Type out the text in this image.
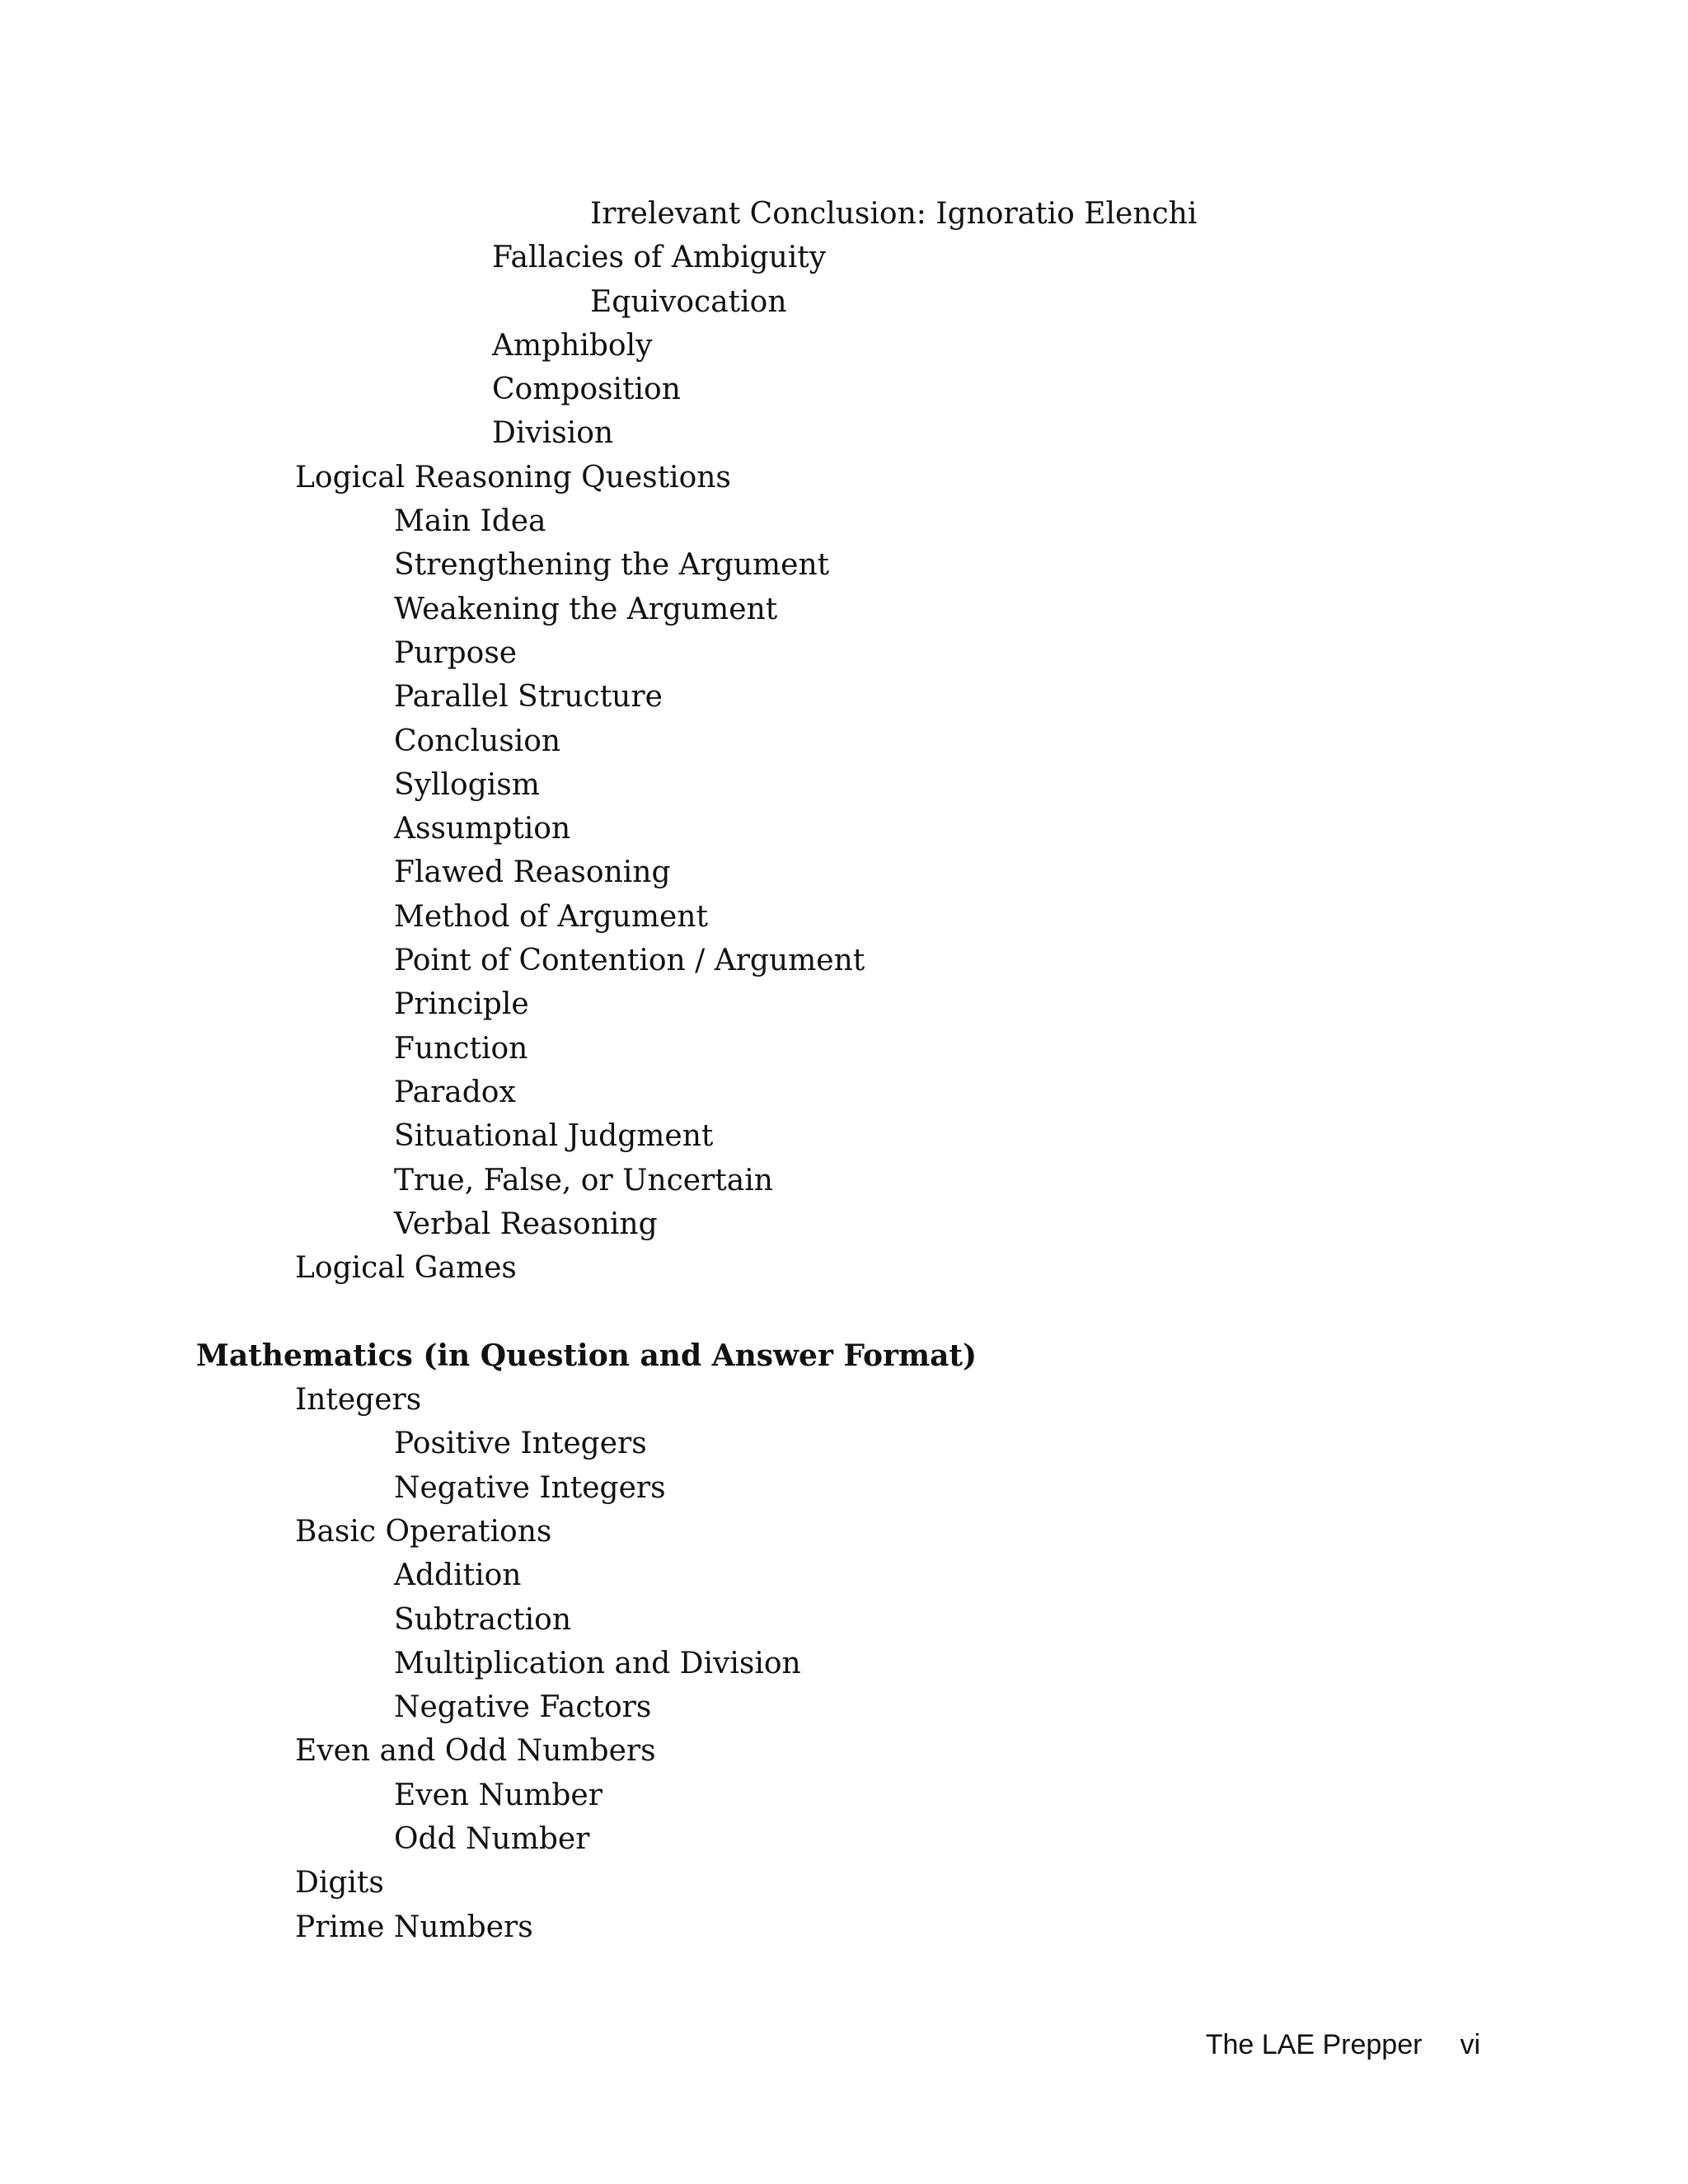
Irrelevant Conclusion: Ignoratio Elenchi
Fallacies of Ambiguity
Equivocation
Amphiboly
Composition
Division
Logical Reasoning Questions
Main Idea
Strengthening the Argument
Weakening the Argument
Purpose
Parallel Structure
Conclusion
Syllogism
Assumption
Flawed Reasoning
Method of Argument
Point of Contention / Argument
Principle
Function
Paradox
Situational Judgment
True, False, or Uncertain
Verbal Reasoning
Logical Games
Mathematics (in Question and Answer Format)
Integers
Positive Integers
Negative Integers
Basic Operations
Addition
Subtraction
Multiplication and Division
Negative Factors
Even and Odd Numbers
Even Number
Odd Number
Digits
Prime Numbers
The LAE Prepper vi
